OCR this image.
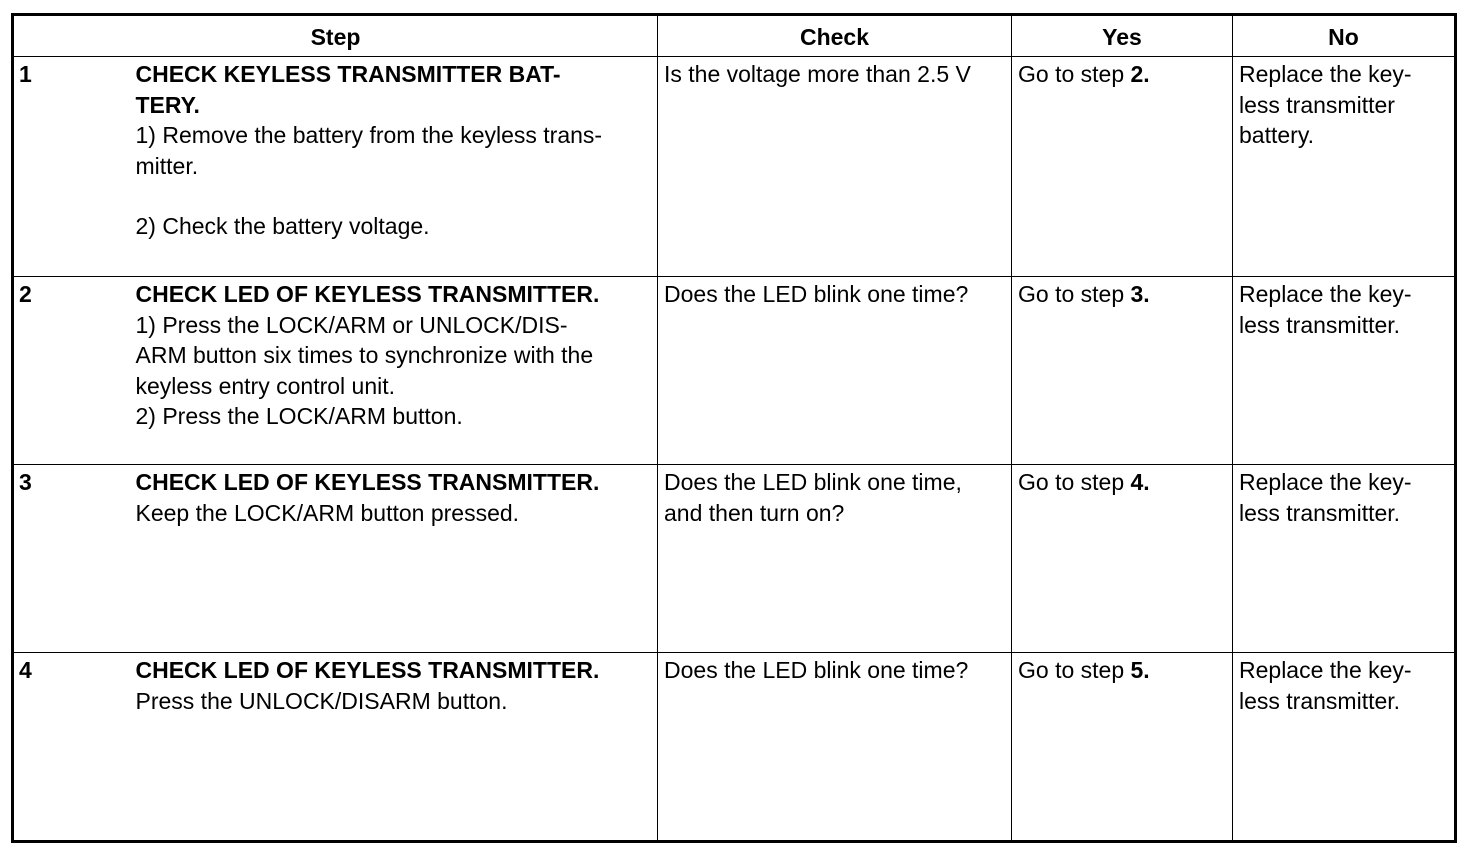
Step		Check	Yes	No
1	CHECK KEYLESS TRANSMITTER BAT-
TERY.
1) Remove the battery from the keyless trans-
mitter.
2) Check the battery voltage.	Is the voltage more than 2.5 V	Go to step 2.	Replace the key-
less transmitter
battery.

2	CHECK LED OF KEYLESS TRANSMITTER.
1) Press the LOCK/ARM or UNLOCK/DIS-
ARM button six times to synchronize with the
keyless entry control unit.
2) Press the LOCK/ARM button.	Does the LED blink one time?	Go to step 3.	Replace the key-
less transmitter.

3	CHECK LED OF KEYLESS TRANSMITTER.
Keep the LOCK/ARM button pressed.	Does the LED blink one time,
and then turn on?	Go to step 4.	Replace the key-
less transmitter.

4	CHECK LED OF KEYLESS TRANSMITTER.
Press the UNLOCK/DISARM button.	Does the LED blink one time?	Go to step 5.	Replace the key-
less transmitter.
